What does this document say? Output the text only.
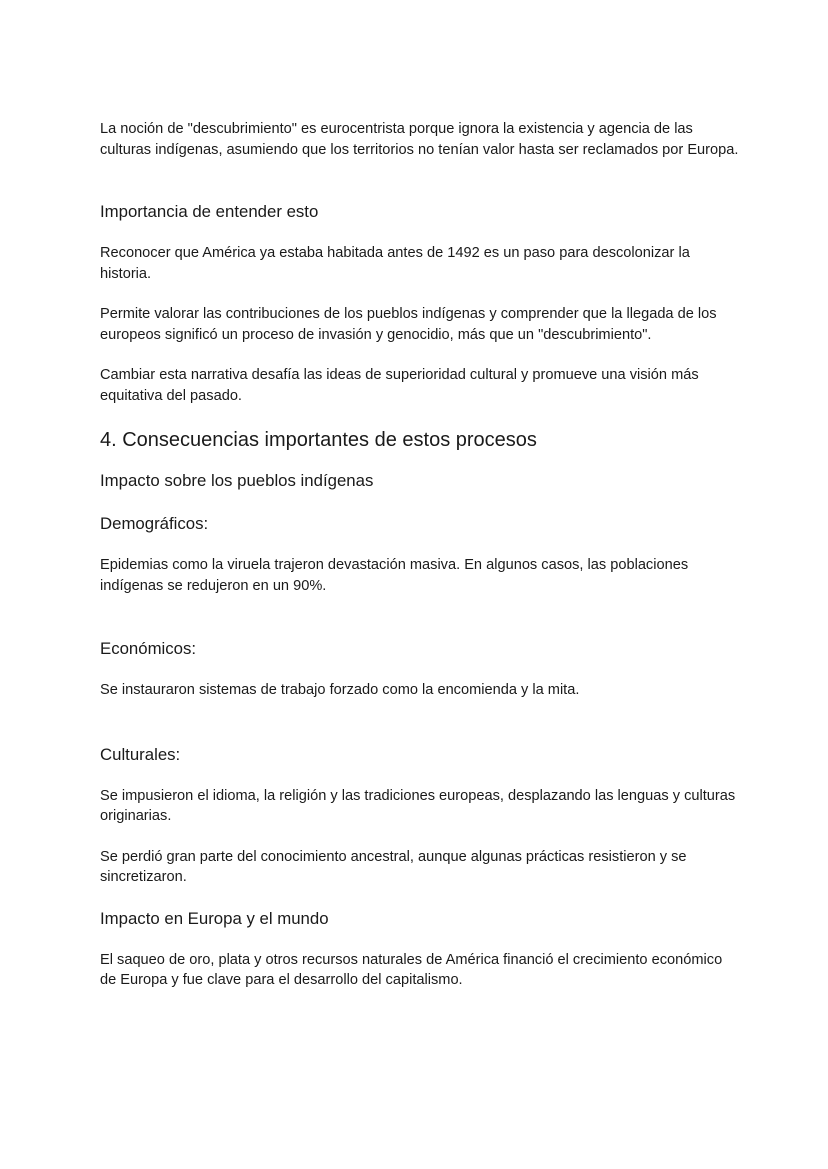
La noción de "descubrimiento" es eurocentrista porque ignora la existencia y agencia de las culturas indígenas, asumiendo que los territorios no tenían valor hasta ser reclamados por Europa.

Importancia de entender esto

Reconocer que América ya estaba habitada antes de 1492 es un paso para descolonizar la historia.

Permite valorar las contribuciones de los pueblos indígenas y comprender que la llegada de los europeos significó un proceso de invasión y genocidio, más que un "descubrimiento".

Cambiar esta narrativa desafía las ideas de superioridad cultural y promueve una visión más equitativa del pasado.

4. Consecuencias importantes de estos procesos
Impacto sobre los pueblos indígenas
Demográficos:

Epidemias como la viruela trajeron devastación masiva. En algunos casos, las poblaciones indígenas se redujeron en un 90%.

Económicos:

Se instauraron sistemas de trabajo forzado como la encomienda y la mita.

Culturales:

Se impusieron el idioma, la religión y las tradiciones europeas, desplazando las lenguas y culturas originarias.

Se perdió gran parte del conocimiento ancestral, aunque algunas prácticas resistieron y se sincretizaron.

Impacto en Europa y el mundo

El saqueo de oro, plata y otros recursos naturales de América financió el crecimiento económico de Europa y fue clave para el desarrollo del capitalismo.
